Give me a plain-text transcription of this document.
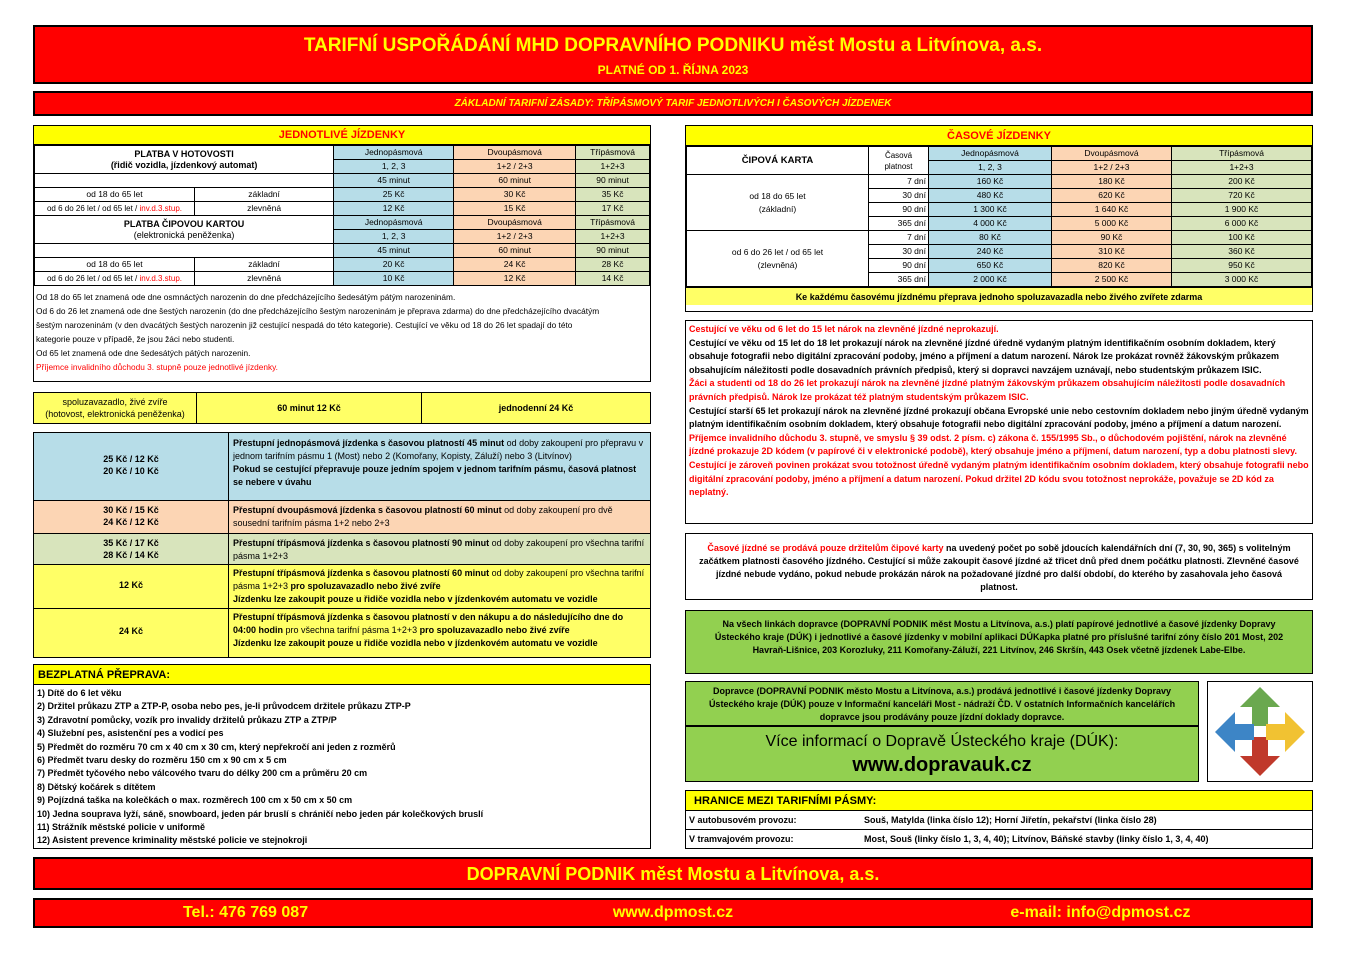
TARIFNÍ USPOŘÁDÁNÍ MHD DOPRAVNÍHO PODNIKU měst Mostu a Litvínova, a.s.
PLATNÉ OD 1. ŘÍJNA 2023
ZÁKLADNÍ TARIFNÍ ZÁSADY: TŘÍPÁSMOVÝ TARIF JEDNOTLIVÝCH I ČASOVÝCH JÍZDENEK
JEDNOTLIVÉ JÍZDENKY
PLATBA V HOTOVOSTI
(řidič vozidla, jízdenkový automat)		Jednopásmová	Dvoupásmová	Třípásmová
		1, 2, 3	1+2 / 2+3	1+2+3
		45 minut	60 minut	90 minut
od 18 do 65 let	základní	25 Kč	30 Kč	35 Kč
od 6 do 26 let / od 65 let / inv.d.3.stup.	zlevněná	12 Kč	15 Kč	17 Kč
PLATBA ČIPOVOU KARTOU
(elektronická peněženka)		Jednopásmová	Dvoupásmová	Třípásmová
		1, 2, 3	1+2 / 2+3	1+2+3
		45 minut	60 minut	90 minut
od 18 do 65 let	základní	20 Kč	24 Kč	28 Kč
od 6 do 26 let / od 65 let / inv.d.3.stup.	zlevněná	10 Kč	12 Kč	14 Kč
Od 18 do 65 let znamená ode dne osmnáctých narozenin do dne předcházejícího šedesátým pátým narozeninám.
Od 6 do 26 let znamená ode dne šestých narozenin (do dne předcházejícího šestým narozeninám je přeprava zdarma) do dne předcházejícího dvacátým
šestým narozeninám (v den dvacátých šestých narozenin již cestující nespadá do této kategorie). Cestující ve věku od 18 do 26 let spadají do této
kategorie pouze v případě, že jsou žáci nebo studenti.
Od 65 let znamená ode dne šedesátých pátých narozenin.
Příjemce invalidního důchodu 3. stupně pouze jednotlivé jízdenky.
spoluzavazadlo, živé zvíře
(hotovost, elektronická peněženka)
60 minut 12 Kč	jednodenní 24 Kč
25 Kč / 12 Kč
20 Kč / 10 Kč
Přestupní jednopásmová jízdenka s časovou platností 45 minut od doby zakoupení pro přepravu v jednom tarifním pásmu 1 (Most) nebo 2 (Komořany, Kopisty, Záluží) nebo 3 (Litvínov)
Pokud se cestující přepravuje pouze jedním spojem v jednom tarifním pásmu, časová platnost se nebere v úvahu
30 Kč / 15 Kč
24 Kč / 12 Kč
Přestupní dvoupásmová jízdenka s časovou platností 60 minut od doby zakoupení pro dvě sousední tarifním pásma 1+2 nebo 2+3
35 Kč / 17 Kč
28 Kč / 14 Kč
Přestupní třípásmová jízdenka s časovou platností 90 minut od doby zakoupení pro všechna tarifní pásma 1+2+3
12 Kč
Přestupní třípásmová jízdenka s časovou platností 60 minut od doby zakoupení pro všechna tarifní pásma 1+2+3 pro spoluzavazadlo nebo živé zvíře
Jízdenku lze zakoupit pouze u řidiče vozidla nebo v jízdenkovém automatu ve vozidle
24 Kč
Přestupní třípásmová jízdenka s časovou platností v den nákupu a do následujícího dne do 04:00 hodin pro všechna tarifní pásma 1+2+3 pro spoluzavazadlo nebo živé zvíře
Jízdenku lze zakoupit pouze u řidiče vozidla nebo v jízdenkovém automatu ve vozidle
BEZPLATNÁ PŘEPRAVA:
1) Dítě do 6 let věku
2) Držitel průkazu ZTP a ZTP-P, osoba nebo pes, je-li průvodcem držitele průkazu ZTP-P
3) Zdravotní pomůcky, vozík pro invalidy držitelů průkazu ZTP a ZTP/P
4) Služební pes, asistenční pes a vodicí pes
5) Předmět do rozměru 70 cm x 40 cm x 30 cm, který nepřekročí ani jeden z rozměrů
6) Předmět tvaru desky do rozměru 150 cm x 90 cm x 5 cm
7) Předmět tyčového nebo válcového tvaru do délky 200 cm a průměru 20 cm
8) Dětský kočárek s dítětem
9) Pojízdná taška na kolečkách o max. rozměrech 100 cm x 50 cm x 50 cm
10) Jedna souprava lyží, sáně, snowboard, jeden pár bruslí s chráničí nebo jeden pár kolečkových bruslí
11) Strážník městské policie v uniformě
12) Asistent prevence kriminality městské policie ve stejnokroji
ČASOVÉ JÍZDENKY
ČIPOVÁ KARTA	Časová platnost	Jednopásmová	Dvoupásmová	Třípásmová
		1, 2, 3	1+2 / 2+3	1+2+3
od 18 do 65 let
(základní)	7 dní	160 Kč	180 Kč	200 Kč
	30 dní	480 Kč	620 Kč	720 Kč
	90 dní	1 300 Kč	1 640 Kč	1 900 Kč
	365 dní	4 000 Kč	5 000 Kč	6 000 Kč
od 6 do 26 let / od 65 let
(zlevněná)	7 dní	80 Kč	90 Kč	100 Kč
	30 dní	240 Kč	310 Kč	360 Kč
	90 dní	650 Kč	820 Kč	950 Kč
	365 dní	2 000 Kč	2 500 Kč	3 000 Kč
Ke každému časovému jízdnému přeprava jednoho spoluzavazadla nebo živého zvířete zdarma
Cestující ve věku od 6 let do 15 let nárok na zlevněné jízdné neprokazují.
Cestující ve věku od 15 let do 18 let prokazují nárok na zlevněné jízdné úředně vydaným platným identifikačním osobním dokladem, který obsahuje fotografii nebo digitální zpracování podoby, jméno a příjmení a datum narození. Nárok lze prokázat rovněž žákovským průkazem obsahujícím náležitosti podle dosavadních právních předpisů, který si dopravci navzájem uznávají, nebo studentským průkazem ISIC.
Žáci a studenti od 18 do 26 let prokazují nárok na zlevněné jízdné platným žákovským průkazem obsahujícím náležitosti podle dosavadních právních předpisů. Nárok lze prokázat též platným studentským průkazem ISIC.
Cestující starší 65 let prokazují nárok na zlevněné jízdné prokazují občana Evropské unie nebo cestovním dokladem nebo jiným úředně vydaným platným identifikačním osobním dokladem, který obsahuje fotografii nebo digitální zpracování podoby, jméno a příjmení a datum narození.
Příjemce invalidního důchodu 3. stupně, ve smyslu § 39 odst. 2 písm. c) zákona č. 155/1995 Sb., o důchodovém pojištění, nárok na zlevněné jízdné prokazuje 2D kódem (v papírové či v elektronické podobě), který obsahuje jméno a příjmení, datum narození, typ a dobu platnosti slevy. Cestující je zároveň povinen prokázat svou totožnost úředně vydaným platným identifikačním osobním dokladem, který obsahuje fotografii nebo digitální zpracování podoby, jméno a příjmení a datum narození. Pokud držitel 2D kódu svou totožnost neprokáže, považuje se 2D kód za neplatný.
Časové jízdné se prodává pouze držitelům čipové karty na uvedený počet po sobě jdoucích kalendářních dní (7, 30, 90, 365) s volitelným začátkem platnosti časového jízdného. Cestující si může zakoupit časové jízdné až třicet dnů před dnem počátku platnosti. Zlevněné časové jízdné nebude vydáno, pokud nebude prokázán nárok na požadované jízdné pro další období, do kterého by zasahovala jeho časová platnost.
Na všech linkách dopravce (DOPRAVNÍ PODNIK měst Mostu a Litvínova, a.s.) platí papírové jednotlivé a časové jízdenky Dopravy Ústeckého kraje (DÚK) i jednotlivé a časové jízdenky v mobilní aplikaci DÚKapka platné pro příslušné tarifní zóny číslo 201 Most, 202 Havraň-Lišnice, 203 Korozluky, 211 Komořany-Záluží, 221 Litvínov, 246 Skršín, 443 Osek včetně jízdenek Labe-Elbe.
Dopravce (DOPRAVNÍ PODNIK město Mostu a Litvínova, a.s.) prodává jednotlivé i časové jízdenky Dopravy Ústeckého kraje (DÚK) pouze v Informační kanceláři Most - nádraží ČD. V ostatních Informačních kancelářích dopravce jsou prodávány pouze jízdní doklady dopravce.
Více informací o Dopravě Ústeckého kraje (DÚK):
www.dopravauk.cz
HRANICE MEZI TARIFNÍMI PÁSMY:
V autobusovém provozu:	Souš, Matylda (linka číslo 12); Horní Jiřetín, pekařství (linka číslo 28)
V tramvajovém provozu:	Most, Souš (linky číslo 1, 3, 4, 40); Litvínov, Báňské stavby (linky číslo 1, 3, 4, 40)
DOPRAVNÍ PODNIK měst Mostu a Litvínova, a.s.
Tel.: 476 769 087	www.dpmost.cz	e-mail: info@dpmost.cz
